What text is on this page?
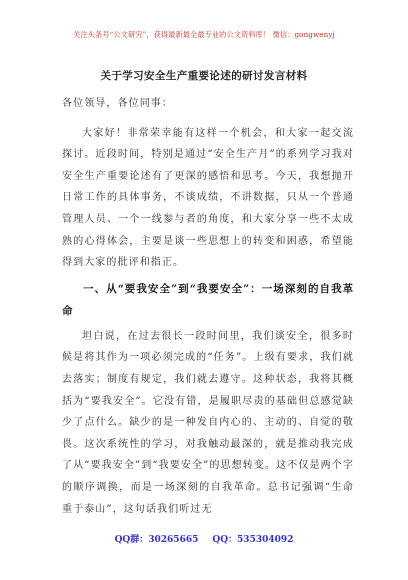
关注头条号“公文研究”，获得最新最全最专业的公文资料库！ 微信：gongwenyj
关于学习安全生产重要论述的研讨发言材料

各位领导，各位同事：

大家好！非常荣幸能有这样一个机会，和大家一起交流探讨。近段时间，特别是通过“安全生产月”的系列学习我对安全生产重要论述有了更深的感悟和思考。今天，我想抛开日常工作的具体事务，不谈成绩，不讲数据，只从一个普通管理人员、一个一线参与者的角度，和大家分享一些不太成熟的心得体会，主要是谈一些思想上的转变和困惑，希望能得到大家的批评和指正。

一、从“要我安全”到“我要安全”：一场深刻的自我革命

坦白说，在过去很长一段时间里，我们谈安全，很多时候是将其作为一项必须完成的“任务”。上级有要求，我们就去落实；制度有规定，我们就去遵守。这种状态，我将其概括为“要我安全”。它没有错，是履职尽责的基础但总感觉缺少了点什么。缺少的是一种发自内心的、主动的、自觉的敬畏。这次系统性的学习，对我触动最深的，就是推动我完成了从“要我安全”到“我要安全”的思想转变。这不仅是两个字的顺序调换，而是一场深刻的自我革命。总书记强调“生命重于泰山”，这句话我们听过无

QQ群：30265665 QQ：535304092
